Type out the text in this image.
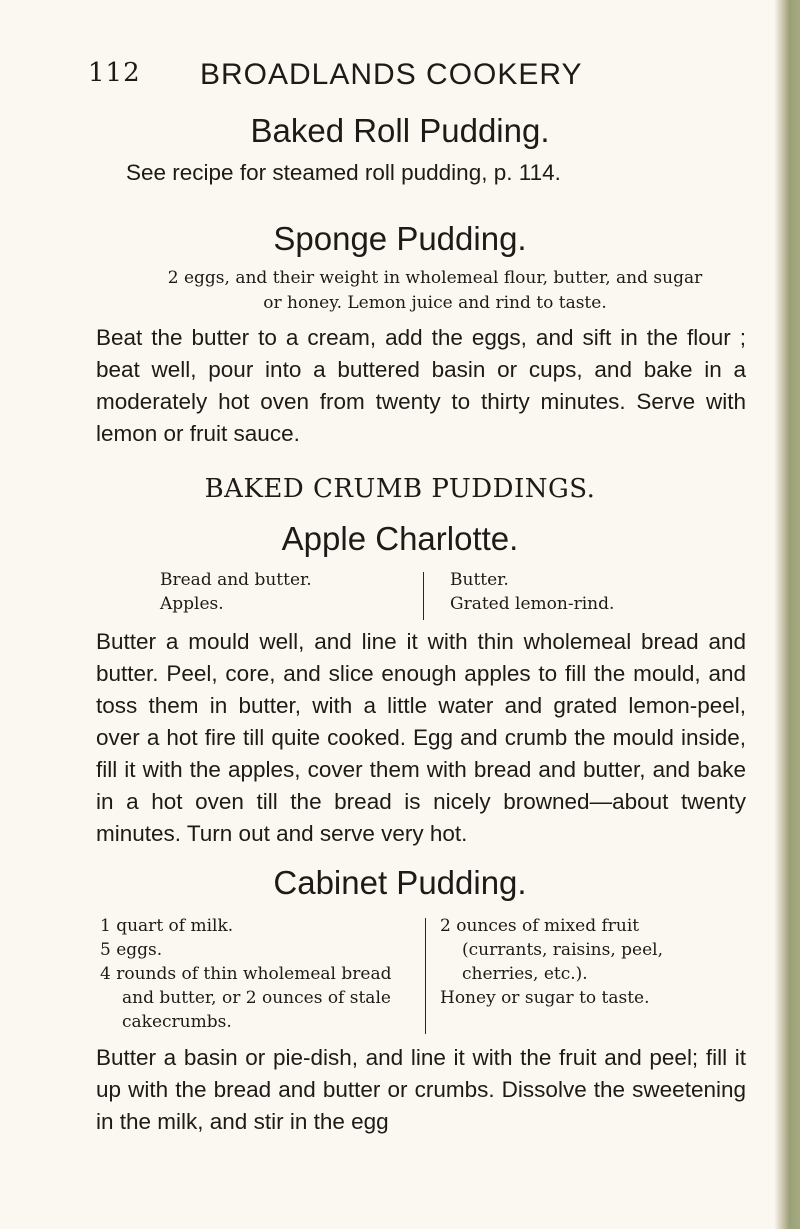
112 BROADLANDS COOKERY
Baked Roll Pudding.
See recipe for steamed roll pudding, p. 114.
Sponge Pudding.
2 eggs, and their weight in wholemeal flour, butter, and sugar
or honey. Lemon juice and rind to taste.
Beat the butter to a cream, add the eggs, and sift in the flour ; beat well, pour into a buttered basin or cups, and bake in a moderately hot oven from twenty to thirty minutes. Serve with lemon or fruit sauce.
BAKED CRUMB PUDDINGS.
Apple Charlotte.
Bread and butter.
Apples.
Butter.
Grated lemon-rind.
Butter a mould well, and line it with thin wholemeal bread and butter. Peel, core, and slice enough apples to fill the mould, and toss them in butter, with a little water and grated lemon-peel, over a hot fire till quite cooked. Egg and crumb the mould inside, fill it with the apples, cover them with bread and butter, and bake in a hot oven till the bread is nicely browned—about twenty minutes. Turn out and serve very hot.
Cabinet Pudding.
1 quart of milk.
5 eggs.
4 rounds of thin wholemeal bread and butter, or 2 ounces of stale cakecrumbs.
2 ounces of mixed fruit (currants, raisins, peel, cherries, etc.).
Honey or sugar to taste.
Butter a basin or pie-dish, and line it with the fruit and peel; fill it up with the bread and butter or crumbs. Dissolve the sweetening in the milk, and stir in the egg
